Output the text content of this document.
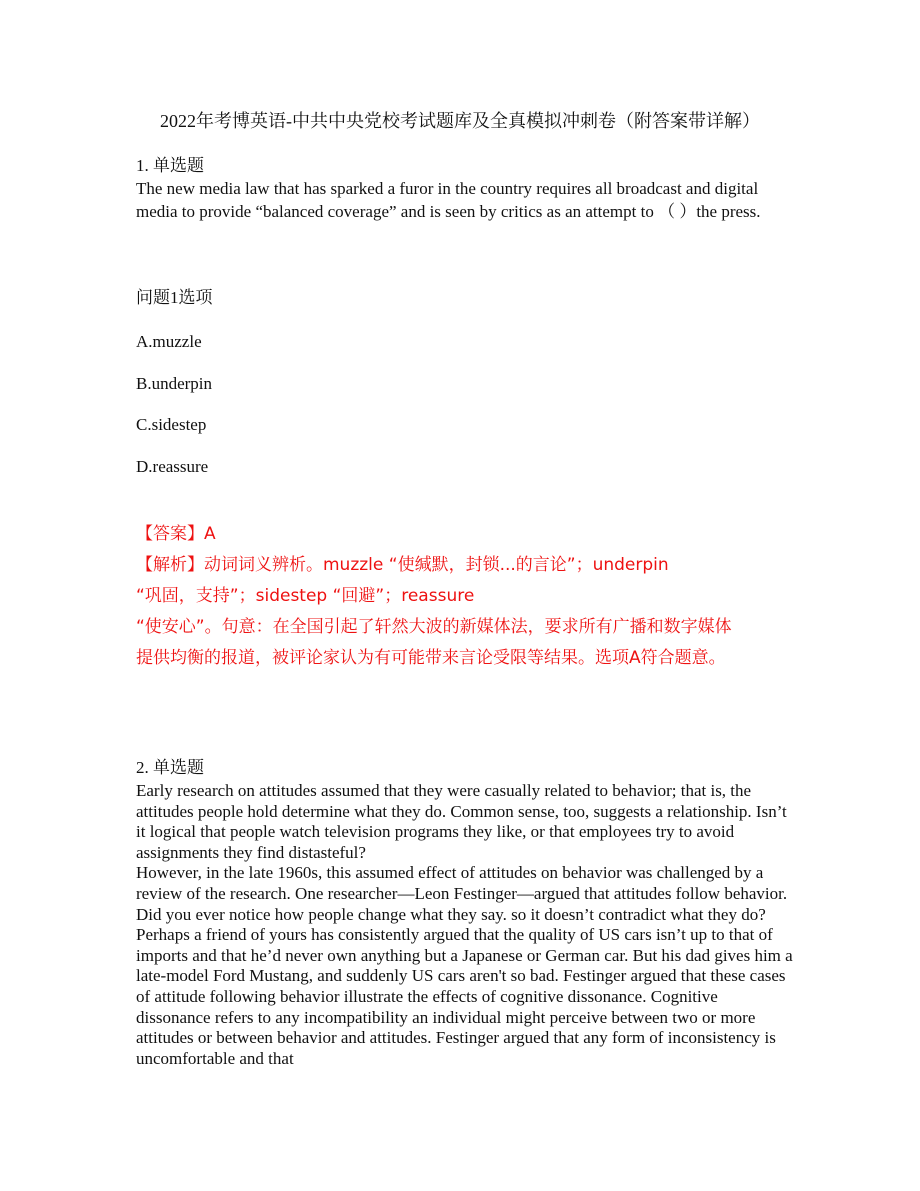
2022年考博英语-中共中央党校考试题库及全真模拟冲刺卷（附答案带详解）
1. 单选题

The new media law that has sparked a furor in the country requires all broadcast and digital media to provide “balanced coverage” and is seen by critics as an attempt to （ ）the press.

问题1选项
A.muzzle
B.underpin
C.sidestep
D.reassure
【答案】A
【解析】动词词义辨析。muzzle “使缄默，封锁...的言论”；underpin
“巩固，支持”；sidestep “回避”；reassure
“使安心”。句意：在全国引起了轩然大波的新媒体法，要求所有广播和数字媒体
提供均衡的报道，被评论家认为有可能带来言论受限等结果。选项A符合题意。
2. 单选题

Early research on attitudes assumed that they were casually related to behavior; that is, the attitudes people hold determine what they do. Common sense, too, suggests a relationship. Isn’t it logical that people watch television programs they like, or that employees try to avoid assignments they find distasteful?

However, in the late 1960s, this assumed effect of attitudes on behavior was challenged by a review of the research. One researcher—Leon Festinger—argued that attitudes follow behavior. Did you ever notice how people change what they say. so it doesn’t contradict what they do? Perhaps a friend of yours has consistently argued that the quality of US cars isn’t up to that of imports and that he’d never own anything but a Japanese or German car. But his dad gives him a late-model Ford Mustang, and suddenly US cars aren't so bad. Festinger argued that these cases of attitude following behavior illustrate the effects of cognitive dissonance. Cognitive dissonance refers to any incompatibility an individual might perceive between two or more attitudes or between behavior and attitudes. Festinger argued that any form of inconsistency is uncomfortable and that
